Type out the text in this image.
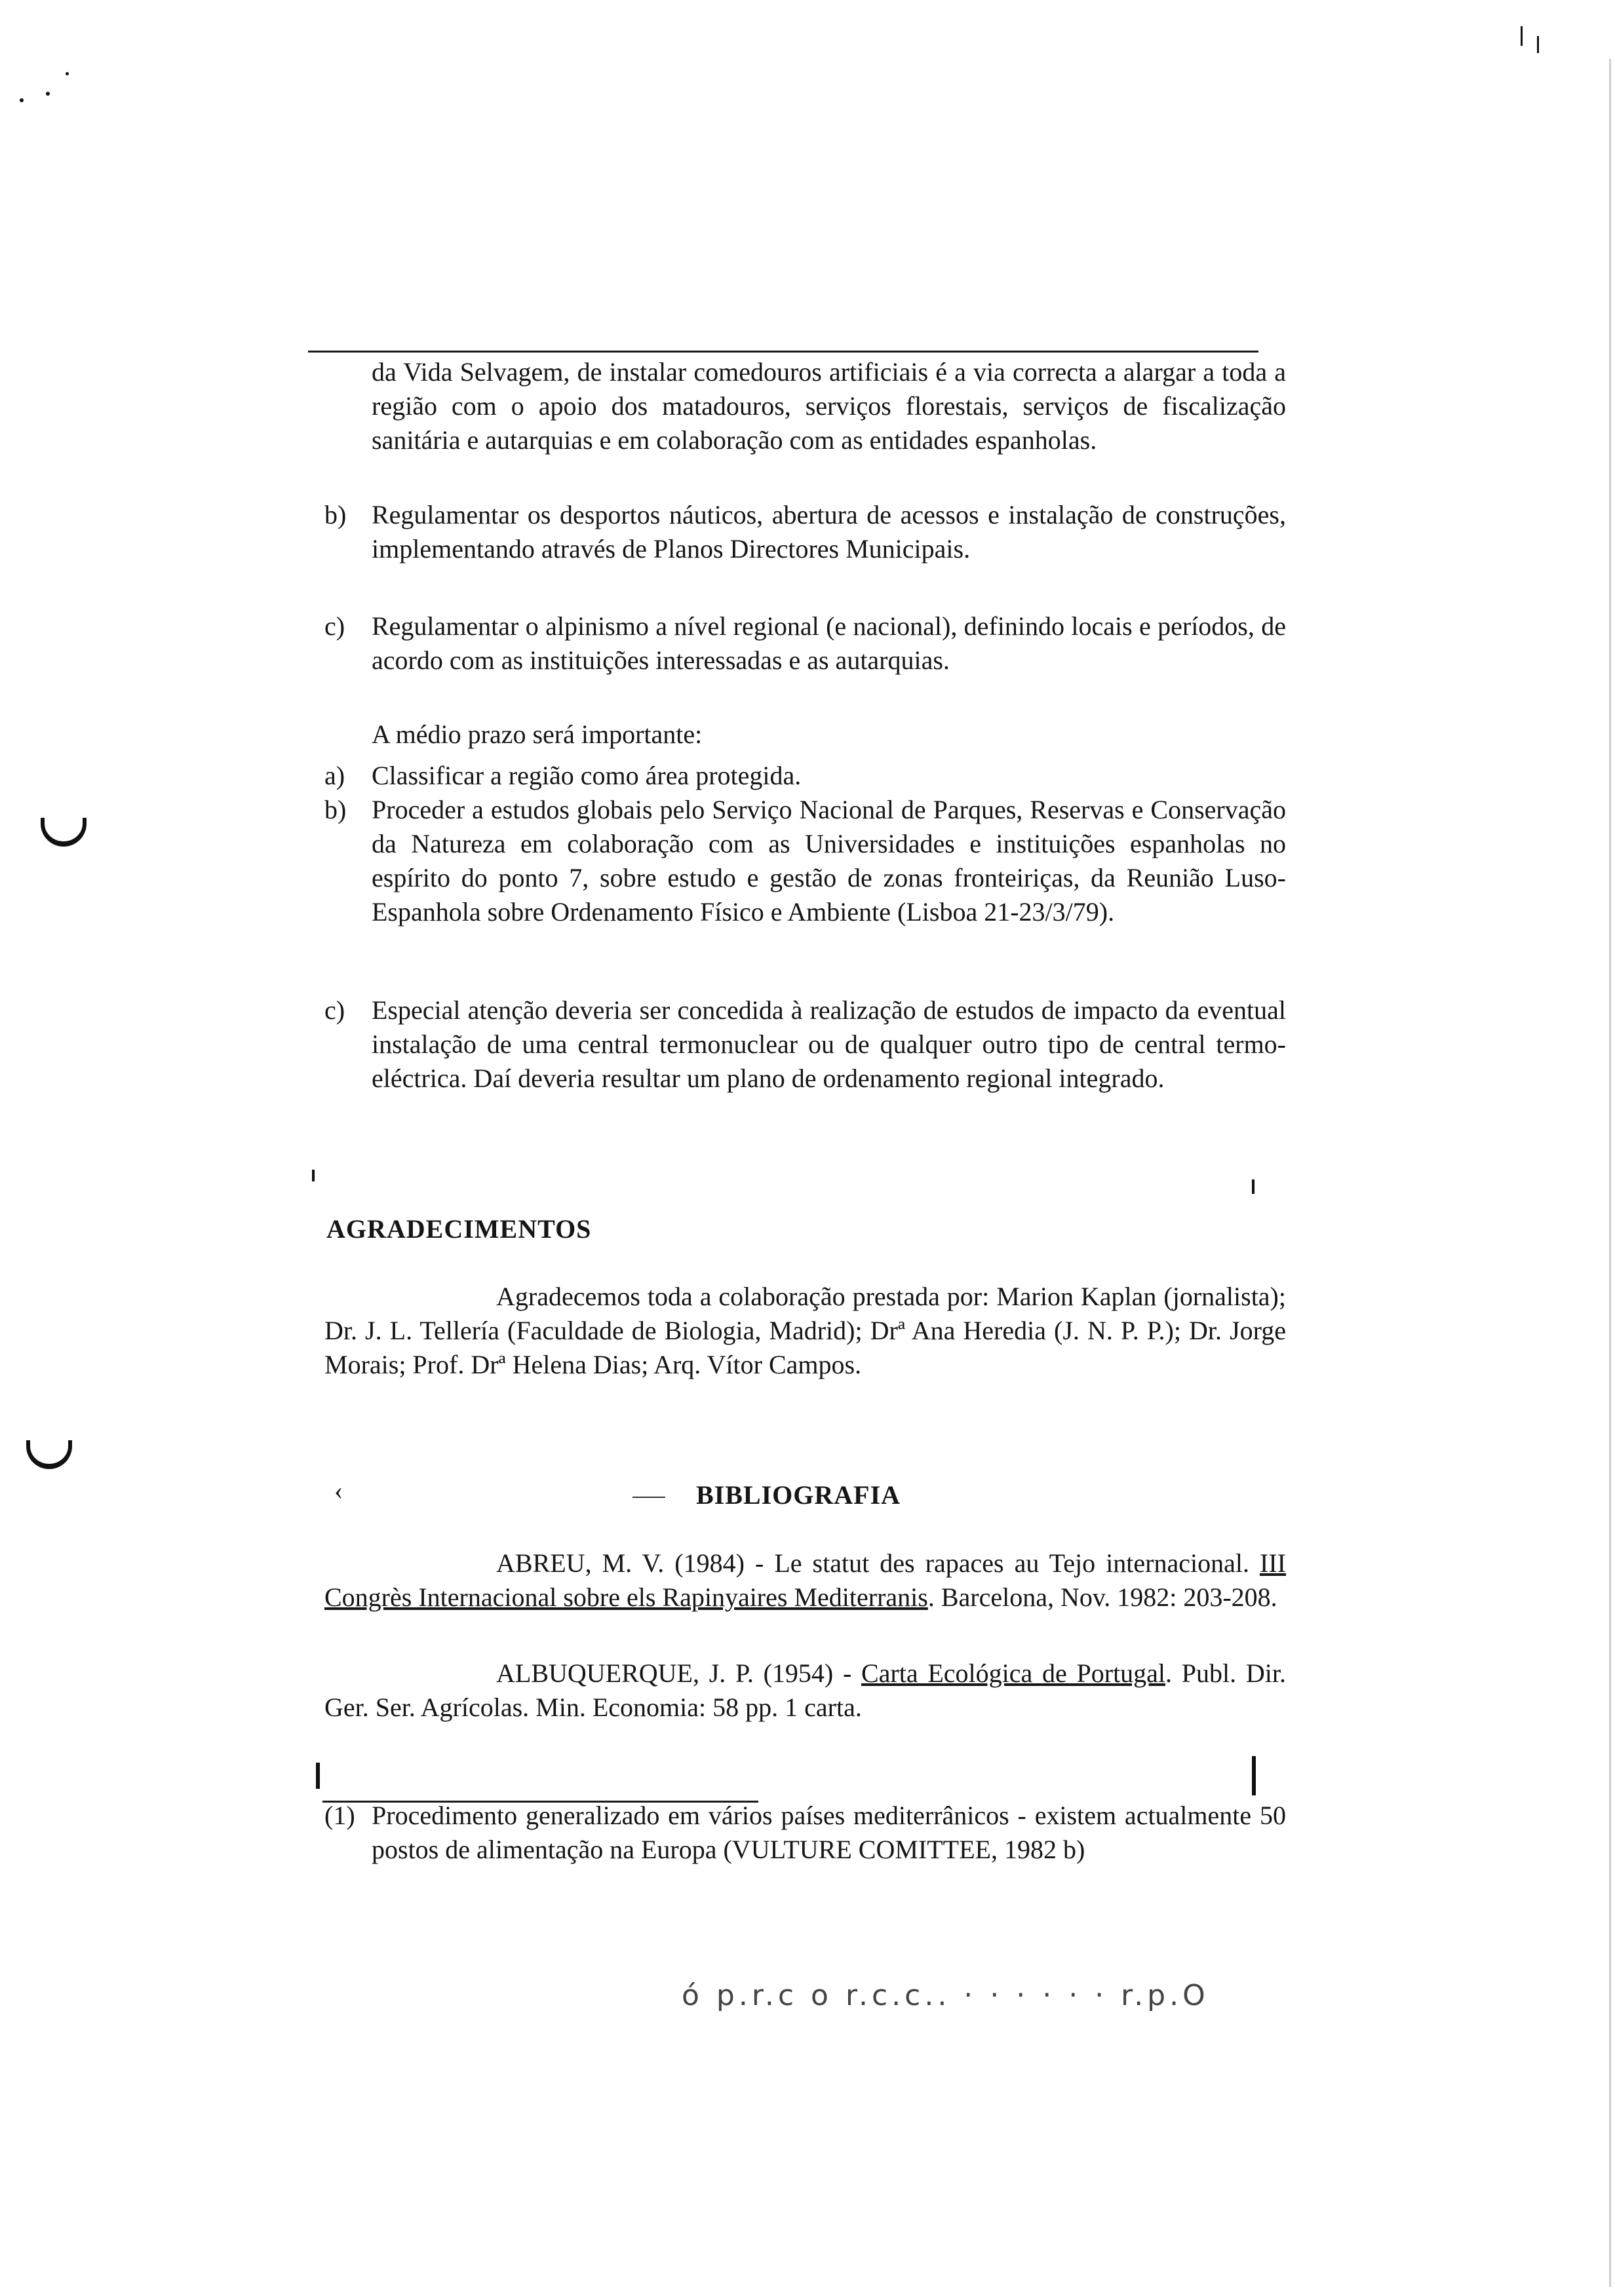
da Vida Selvagem, de instalar comedouros artificiais é a via correcta a alargar a toda a região com o apoio dos matadouros, serviços florestais, serviços de fiscalização sanitária e autarquias e em colaboração com as entidades espanholas.

b) Regulamentar os desportos náuticos, abertura de acessos e instalação de construções, implementando através de Planos Directores Municipais.
c) Regulamentar o alpinismo a nível regional (e nacional), definindo locais e períodos, de acordo com as instituições interessadas e as autarquias.

A médio prazo será importante:

a) Classificar a região como área protegida.
b) Proceder a estudos globais pelo Serviço Nacional de Parques, Reservas e Conservação da Natureza em colaboração com as Universidades e instituições espanholas no espírito do ponto 7, sobre estudo e gestão de zonas fronteiriças, da Reunião Luso-Espanhola sobre Ordenamento Físico e Ambiente (Lisboa 21-23/3/79).
c) Especial atenção deveria ser concedida à realização de estudos de impacto da eventual instalação de uma central termonuclear ou de qualquer outro tipo de central termo-eléctrica. Daí deveria resultar um plano de ordenamento regional integrado.
AGRADECIMENTOS

Agradecemos toda a colaboração prestada por: Marion Kaplan (jornalista); Dr. J. L. Tellería (Faculdade de Biologia, Madrid); Drª Ana Heredia (J. N. P. P.); Dr. Jorge Morais; Prof. Drª Helena Dias; Arq. Vítor Campos.

BIBLIOGRAFIA

ABREU, M. V. (1984) - Le statut des rapaces au Tejo internacional. III Congrès Internacional sobre els Rapinyaires Mediterranis. Barcelona, Nov. 1982: 203-208.

ALBUQUERQUE, J. P. (1954) - Carta Ecológica de Portugal. Publ. Dir. Ger. Ser. Agrícolas. Min. Economia: 58 pp. 1 carta.

(1) Procedimento generalizado em vários países mediterrânicos - existem actualmente 50 postos de alimentação na Europa (VULTURE COMITTEE, 1982 b)
ó p.r.c o r.c.c.. ‧ ‧ ‧ ‧ ‧ ‧ r.p.O
‹
